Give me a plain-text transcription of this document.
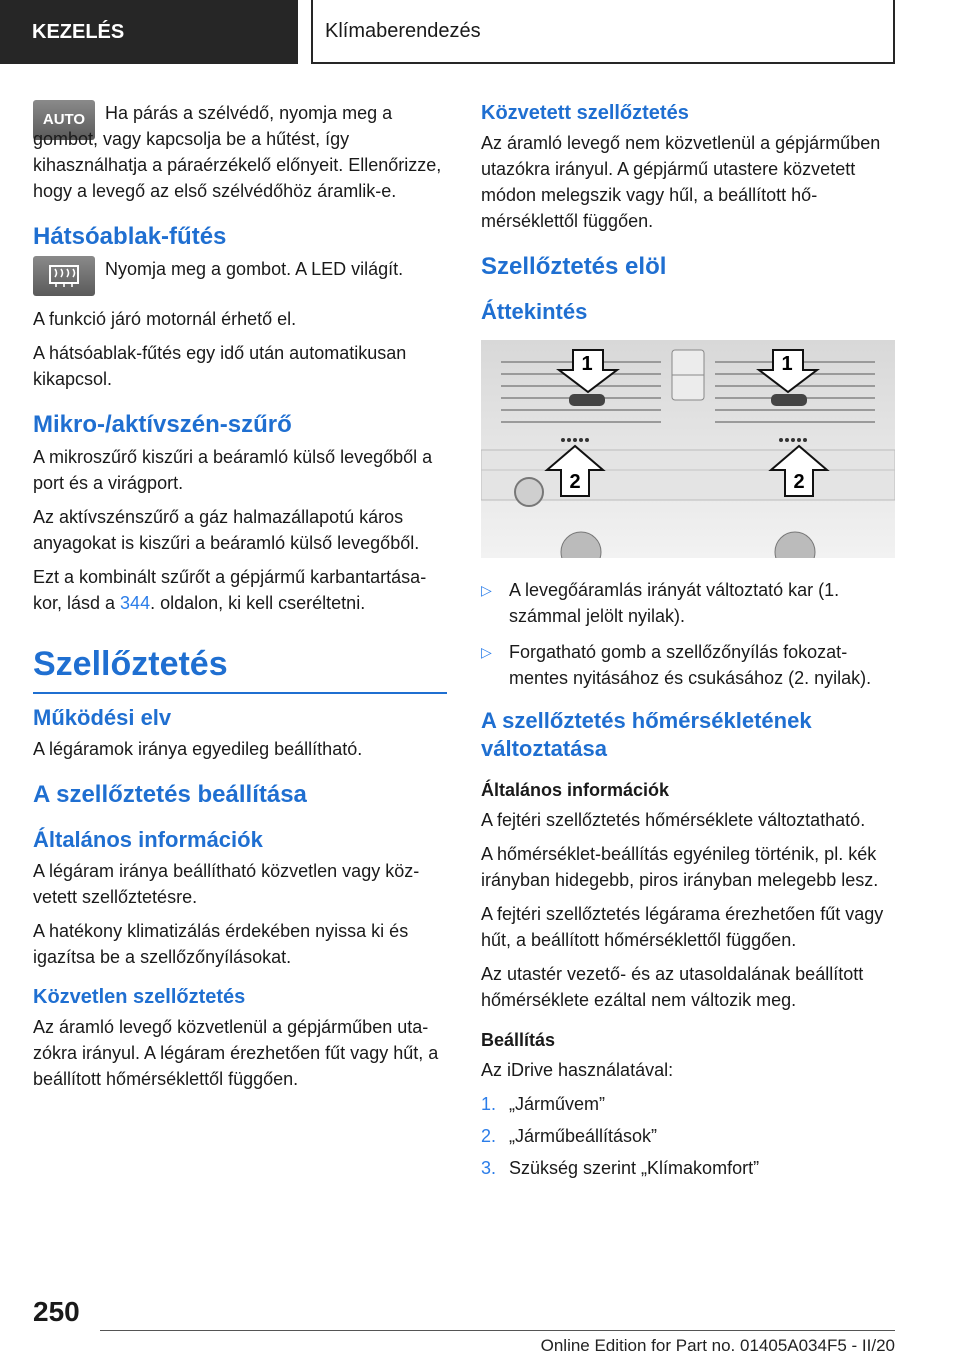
KEZELÉS	Klímaberendezés
AUTO	Ha párás a szélvédő, nyomja meg a gombot, vagy kapcsolja be a hűtést, így kihasználhatja a páraérzékelő előnyeit. Ellenőrizze, hogy a levegő az első szélvédőhöz áramlik-e.

Hátsóablak-fűtés

Nyomja meg a gombot. A LED világít.

A funkció járó motornál érhető el.

A hátsóablak-fűtés egy idő után automatikusan kikapcsol.

Mikro-/aktívszén-szűrő

A mikroszűrő kiszűri a beáramló külső levegőből a port és a virágport.

Az aktívszénszűrő a gáz halmazállapotú káros anyagokat is kiszűri a beáramló külső levegőből.

Ezt a kombinált szűrőt a gépjármű karbantartásakor, lásd a 344. oldalon, ki kell cseréltetni.

Szellőztetés
Működési elv

A légáramok iránya egyedileg beállítható.

A szellőztetés beállítása
Általános információk

A légáram iránya beállítható közvetlen vagy közvetett szellőztetésre.

A hatékony klimatizálás érdekében nyissa ki és igazítsa be a szellőzőnyílásokat.

Közvetlen szellőztetés

Az áramló levegő közvetlenül a gépjárműben utazókra irányul. A légáram érezhetően fűt vagy hűt, a beállított hőmérséklettől függően.

Közvetett szellőztetés

Az áramló levegő nem közvetlenül a gépjárműben utazókra irányul. A gépjármű utastere közvetett módon melegszik vagy hűl, a beállított hőmérséklettől függően.

Szellőztetés elöl
Áttekintés
1	1
2	2
▷ A levegőáramlás irányát változtató kar (1. számmal jelölt nyilak).
▷ Forgatható gomb a szellőzőnyílás fokozatmentes nyitásához és csukásához (2. nyilak).
A szellőztetés hőmérsékletének változtatása
Általános információk

A fejtéri szellőztetés hőmérséklete változtatható.

A hőmérséklet-beállítás egyénileg történik, pl. kék irányban hidegebb, piros irányban melegebb lesz.

A fejtéri szellőztetés légárama érezhetően fűt vagy hűt, a beállított hőmérséklettől függően.

Az utastér vezető- és az utasoldalának beállított hőmérséklete ezáltal nem változik meg.

Beállítás

Az iDrive használatával:

1. „Járművem”
2. „Járműbeállítások”
3. Szükség szerint „Klímakomfort”
250
Online Edition for Part no. 01405A034F5 - II/20
